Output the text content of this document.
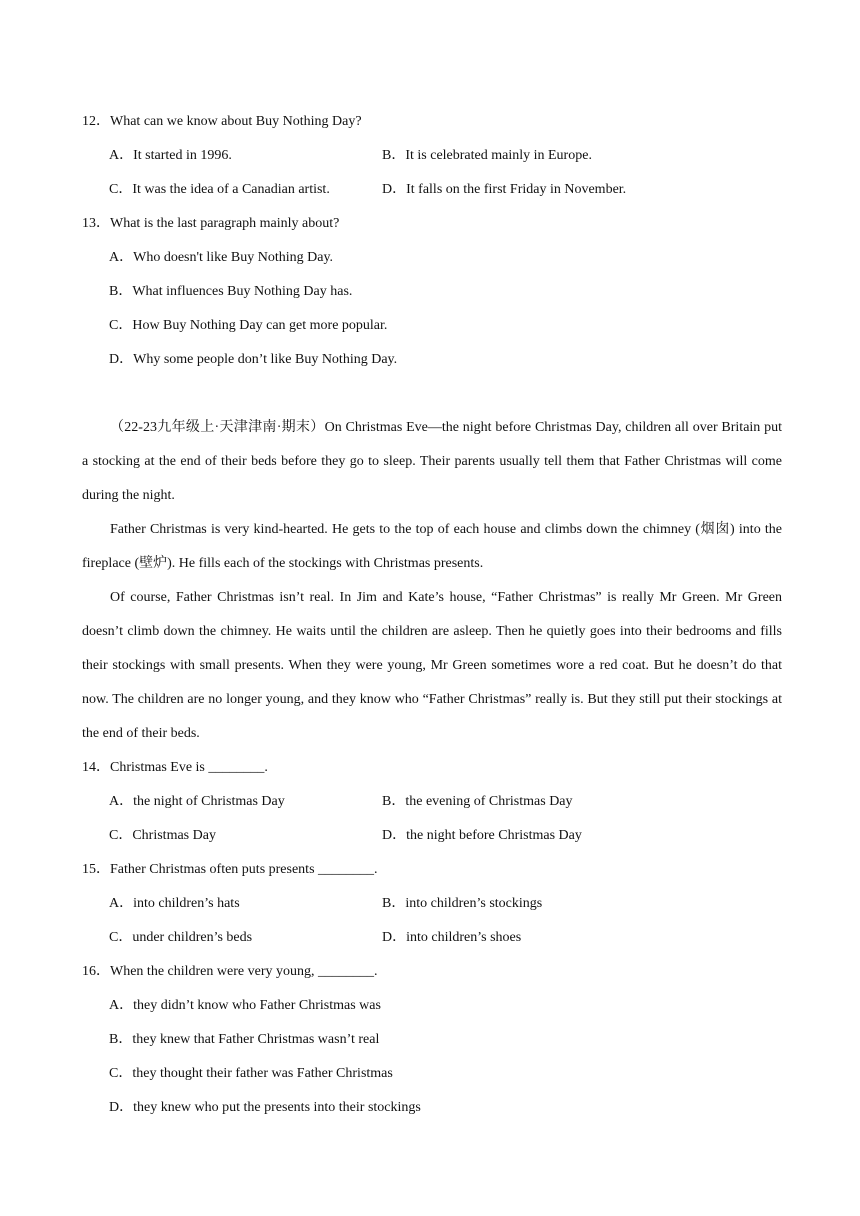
12．What can we know about Buy Nothing Day?
A．It started in 1996.	B．It is celebrated mainly in Europe.
C．It was the idea of a Canadian artist.	D．It falls on the first Friday in November.
13．What is the last paragraph mainly about?
A．Who doesn't like Buy Nothing Day.
B．What influences Buy Nothing Day has.
C．How Buy Nothing Day can get more popular.
D．Why some people don’t like Buy Nothing Day.

（22-23九年级上·天津津南·期末）On Christmas Eve—the night before Christmas Day, children all over Britain put a stocking at the end of their beds before they go to sleep. Their parents usually tell them that Father Christmas will come during the night.

Father Christmas is very kind-hearted. He gets to the top of each house and climbs down the chimney (烟囱) into the fireplace (壁炉). He fills each of the stockings with Christmas presents.

Of course, Father Christmas isn’t real. In Jim and Kate’s house, “Father Christmas” is really Mr Green. Mr Green doesn’t climb down the chimney. He waits until the children are asleep. Then he quietly goes into their bedrooms and fills their stockings with small presents. When they were young, Mr Green sometimes wore a red coat. But he doesn’t do that now. The children are no longer young, and they know who “Father Christmas” really is. But they still put their stockings at the end of their beds.

14．Christmas Eve is ________.
A．the night of Christmas Day	B．the evening of Christmas Day
C．Christmas Day	D．the night before Christmas Day
15．Father Christmas often puts presents ________.
A．into children’s hats	B．into children’s stockings
C．under children’s beds	D．into children’s shoes
16．When the children were very young, ________.
A．they didn’t know who Father Christmas was
B．they knew that Father Christmas wasn’t real
C．they thought their father was Father Christmas
D．they knew who put the presents into their stockings
